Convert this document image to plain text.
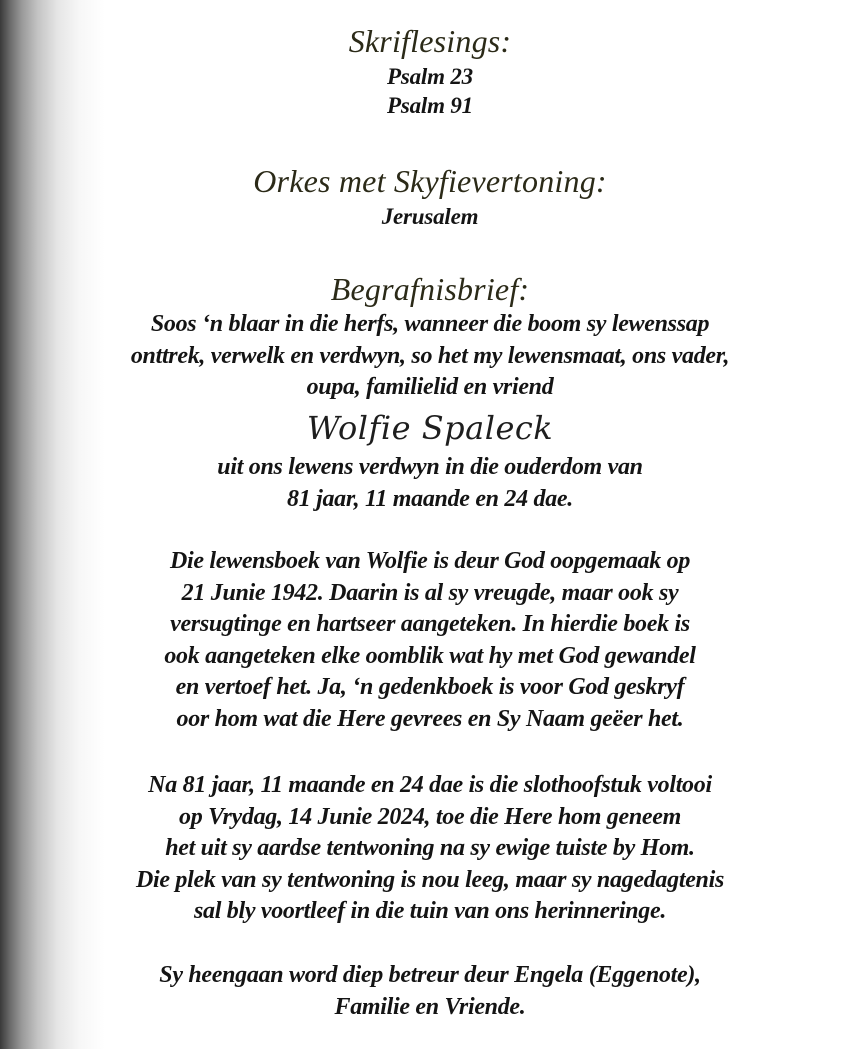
Skriflesings:
Psalm 23
Psalm 91
Orkes met Skyfievertoning:
Jerusalem
Begrafnisbrief:
Soos ‘n blaar in die herfs, wanneer die boom sy lewenssap
onttrek, verwelk en verdwyn, so het my lewensmaat, ons vader,
oupa, familielid en vriend
Wolfie Spaleck
uit ons lewens verdwyn in die ouderdom van
81 jaar, 11 maande en 24 dae.
Die lewensboek van Wolfie is deur God oopgemaak op
21 Junie 1942. Daarin is al sy vreugde, maar ook sy
versugtinge en hartseer aangeteken. In hierdie boek is
ook aangeteken elke oomblik wat hy met God gewandel
en vertoef het. Ja, ‘n gedenkboek is voor God geskryf
oor hom wat die Here gevrees en Sy Naam geëer het.
Na 81 jaar, 11 maande en 24 dae is die slothoofstuk voltooi
op Vrydag, 14 Junie 2024, toe die Here hom geneem
het uit sy aardse tentwoning na sy ewige tuiste by Hom.
Die plek van sy tentwoning is nou leeg, maar sy nagedagtenis
sal bly voortleef in die tuin van ons herinneringe.
Sy heengaan word diep betreur deur Engela (Eggenote),
Familie en Vriende.
